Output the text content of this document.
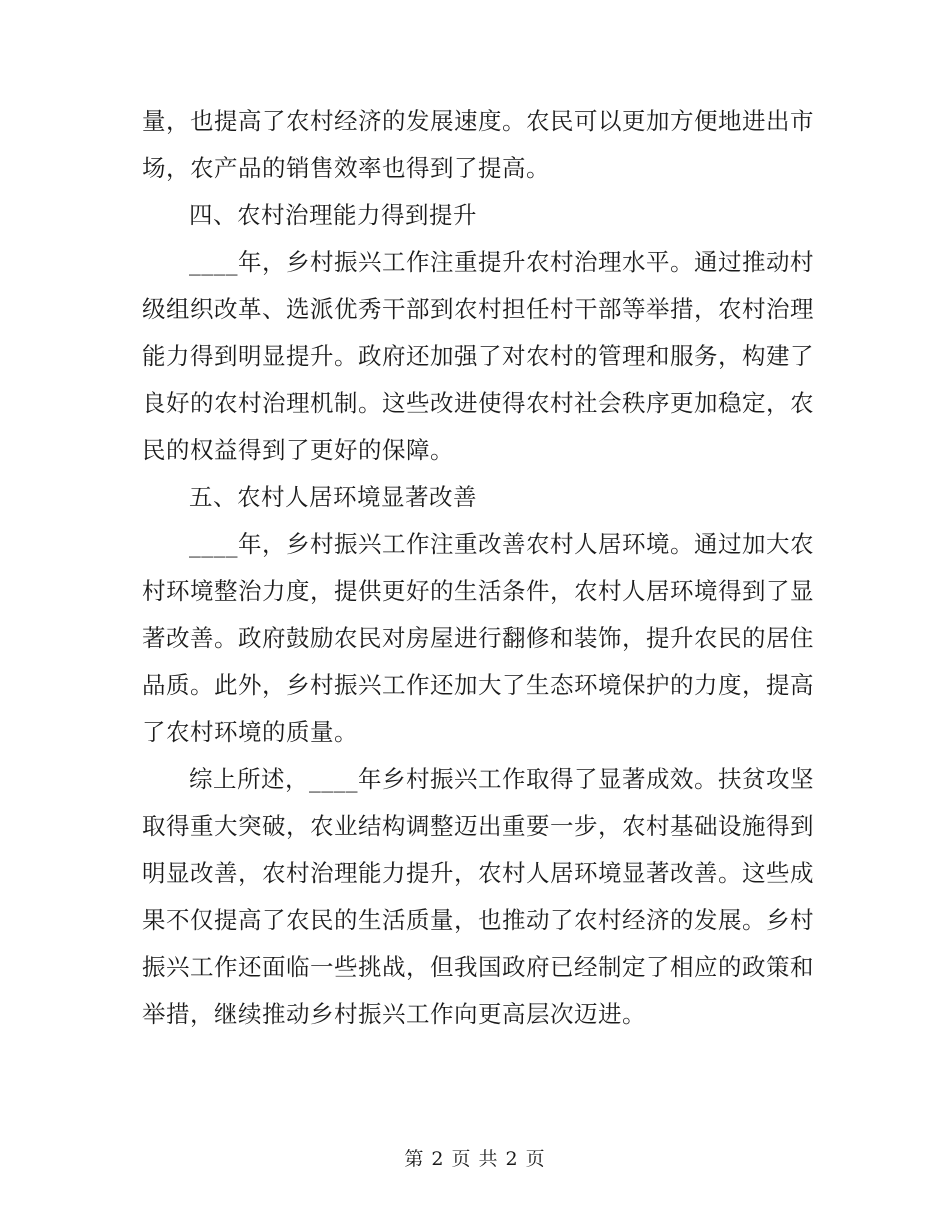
量，也提高了农村经济的发展速度。农民可以更加方便地进出市
场，农产品的销售效率也得到了提高。
四、农村治理能力得到提升
____年，乡村振兴工作注重提升农村治理水平。通过推动村
级组织改革、选派优秀干部到农村担任村干部等举措，农村治理
能力得到明显提升。政府还加强了对农村的管理和服务，构建了
良好的农村治理机制。这些改进使得农村社会秩序更加稳定，农
民的权益得到了更好的保障。
五、农村人居环境显著改善
____年，乡村振兴工作注重改善农村人居环境。通过加大农
村环境整治力度，提供更好的生活条件，农村人居环境得到了显
著改善。政府鼓励农民对房屋进行翻修和装饰，提升农民的居住
品质。此外，乡村振兴工作还加大了生态环境保护的力度，提高
了农村环境的质量。
综上所述，____年乡村振兴工作取得了显著成效。扶贫攻坚
取得重大突破，农业结构调整迈出重要一步，农村基础设施得到
明显改善，农村治理能力提升，农村人居环境显著改善。这些成
果不仅提高了农民的生活质量，也推动了农村经济的发展。乡村
振兴工作还面临一些挑战，但我国政府已经制定了相应的政策和
举措，继续推动乡村振兴工作向更高层次迈进。
第 2 页 共 2 页
